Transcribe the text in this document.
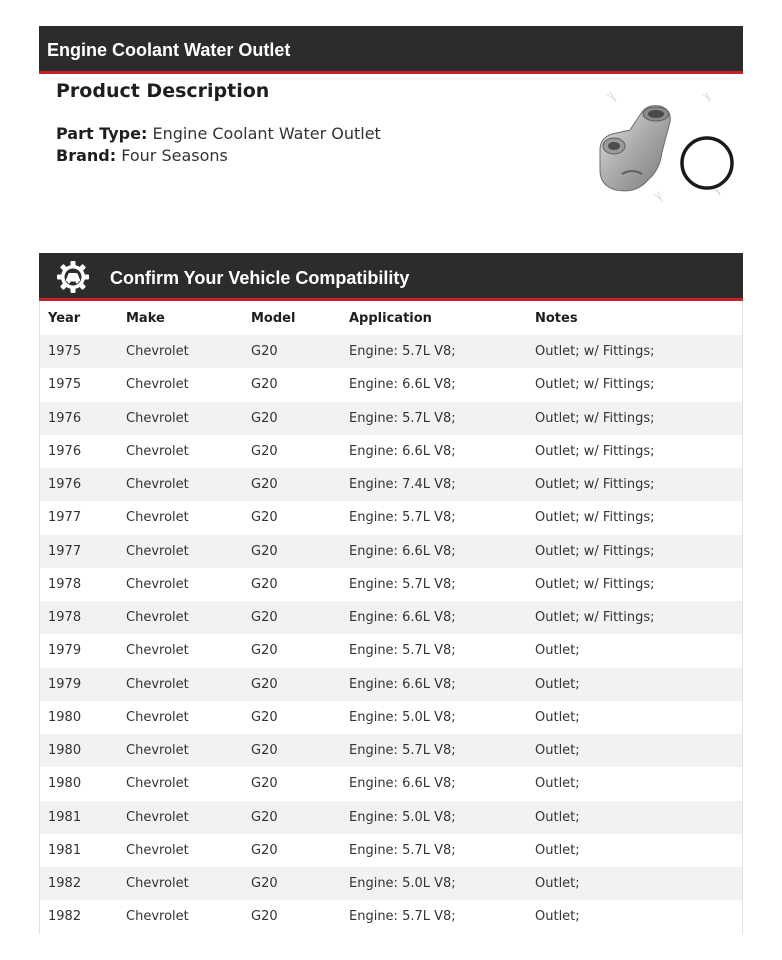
Engine Coolant Water Outlet
Product Description
Part Type: Engine Coolant Water Outlet
Brand: Four Seasons
Confirm Your Vehicle Compatibility
Year	Make	Model	Application	Notes
1975	Chevrolet	G20	Engine: 5.7L V8;	Outlet; w/ Fittings;
1975	Chevrolet	G20	Engine: 6.6L V8;	Outlet; w/ Fittings;
1976	Chevrolet	G20	Engine: 5.7L V8;	Outlet; w/ Fittings;
1976	Chevrolet	G20	Engine: 6.6L V8;	Outlet; w/ Fittings;
1976	Chevrolet	G20	Engine: 7.4L V8;	Outlet; w/ Fittings;
1977	Chevrolet	G20	Engine: 5.7L V8;	Outlet; w/ Fittings;
1977	Chevrolet	G20	Engine: 6.6L V8;	Outlet; w/ Fittings;
1978	Chevrolet	G20	Engine: 5.7L V8;	Outlet; w/ Fittings;
1978	Chevrolet	G20	Engine: 6.6L V8;	Outlet; w/ Fittings;
1979	Chevrolet	G20	Engine: 5.7L V8;	Outlet;
1979	Chevrolet	G20	Engine: 6.6L V8;	Outlet;
1980	Chevrolet	G20	Engine: 5.0L V8;	Outlet;
1980	Chevrolet	G20	Engine: 5.7L V8;	Outlet;
1980	Chevrolet	G20	Engine: 6.6L V8;	Outlet;
1981	Chevrolet	G20	Engine: 5.0L V8;	Outlet;
1981	Chevrolet	G20	Engine: 5.7L V8;	Outlet;
1982	Chevrolet	G20	Engine: 5.0L V8;	Outlet;
1982	Chevrolet	G20	Engine: 5.7L V8;	Outlet;
